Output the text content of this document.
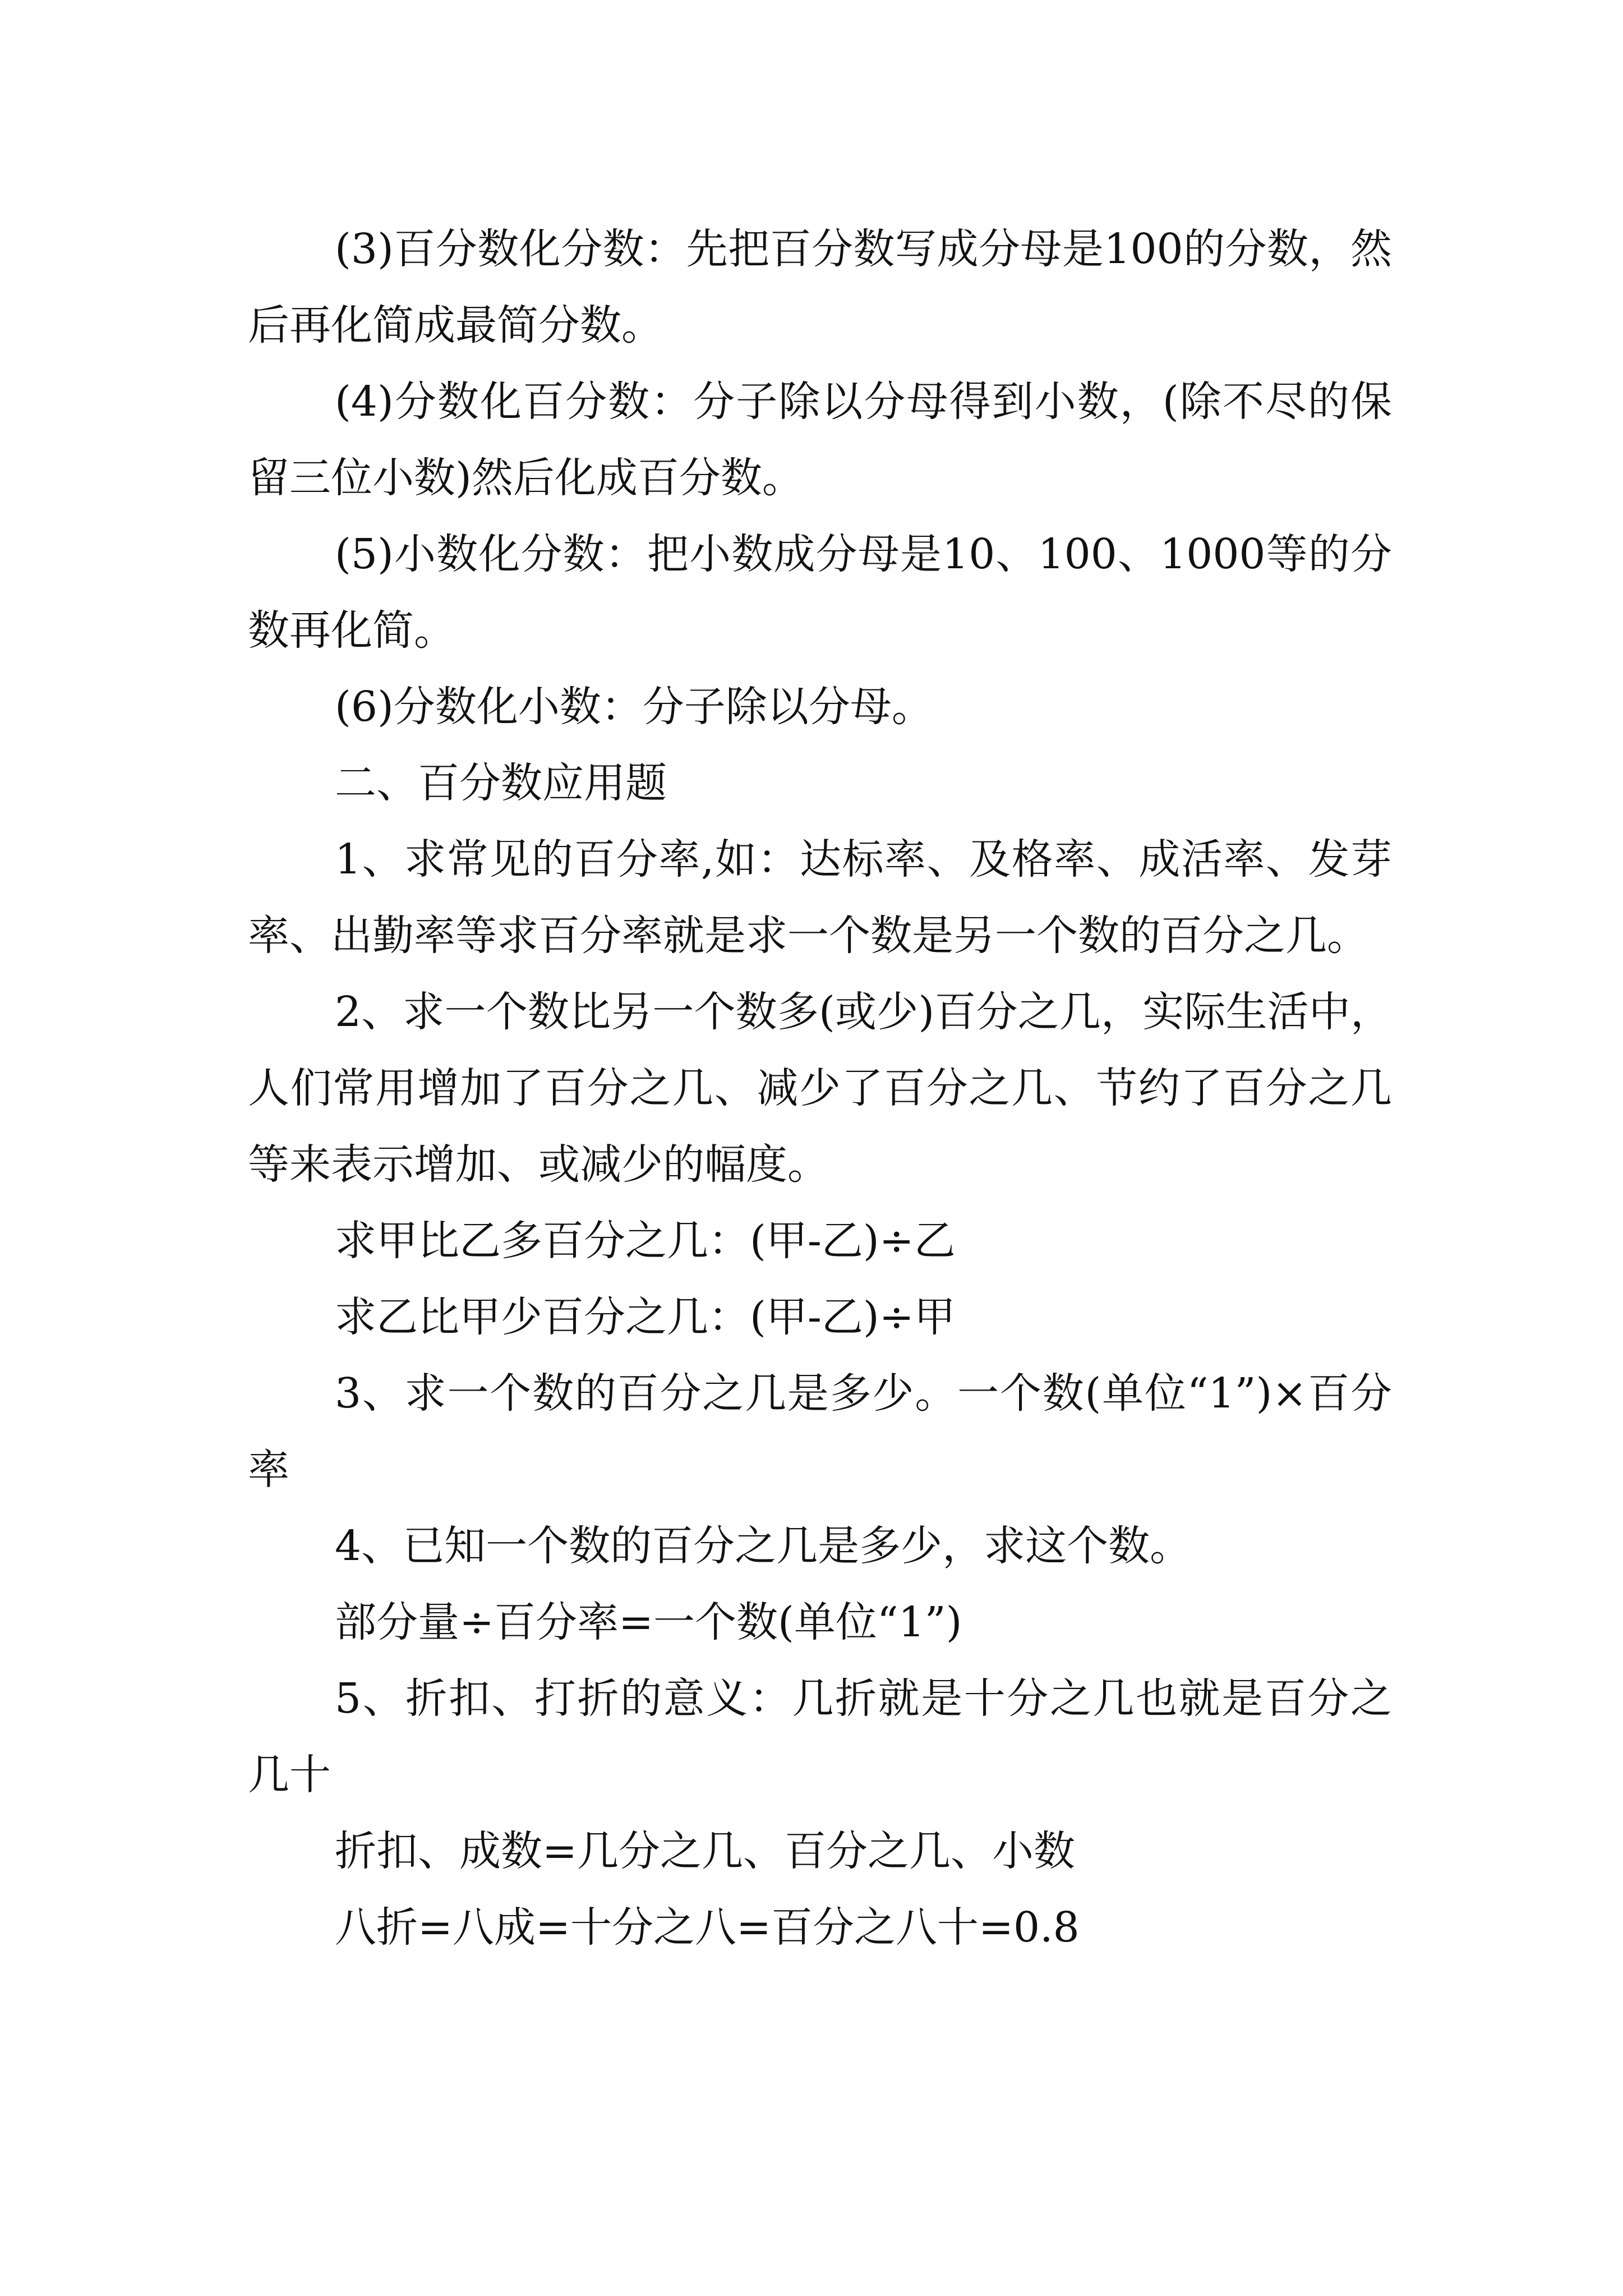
(3)百分数化分数：先把百分数写成分母是100的分数，然后再化简成最简分数。

(4)分数化百分数：分子除以分母得到小数，(除不尽的保留三位小数)然后化成百分数。

(5)小数化分数：把小数成分母是10、100、1000等的分数再化简。

(6)分数化小数：分子除以分母。

二、百分数应用题

1、求常见的百分率,如：达标率、及格率、成活率、发芽率、出勤率等求百分率就是求一个数是另一个数的百分之几。

2、求一个数比另一个数多(或少)百分之几，实际生活中，人们常用增加了百分之几、减少了百分之几、节约了百分之几等来表示增加、或减少的幅度。

求甲比乙多百分之几：(甲-乙)÷乙

求乙比甲少百分之几：(甲-乙)÷甲

3、求一个数的百分之几是多少。一个数(单位“1”)×百分率

4、已知一个数的百分之几是多少，求这个数。

部分量÷百分率=一个数(单位“1”)

5、折扣、打折的意义：几折就是十分之几也就是百分之几十

折扣、成数=几分之几、百分之几、小数

八折=八成=十分之八=百分之八十=0.8
